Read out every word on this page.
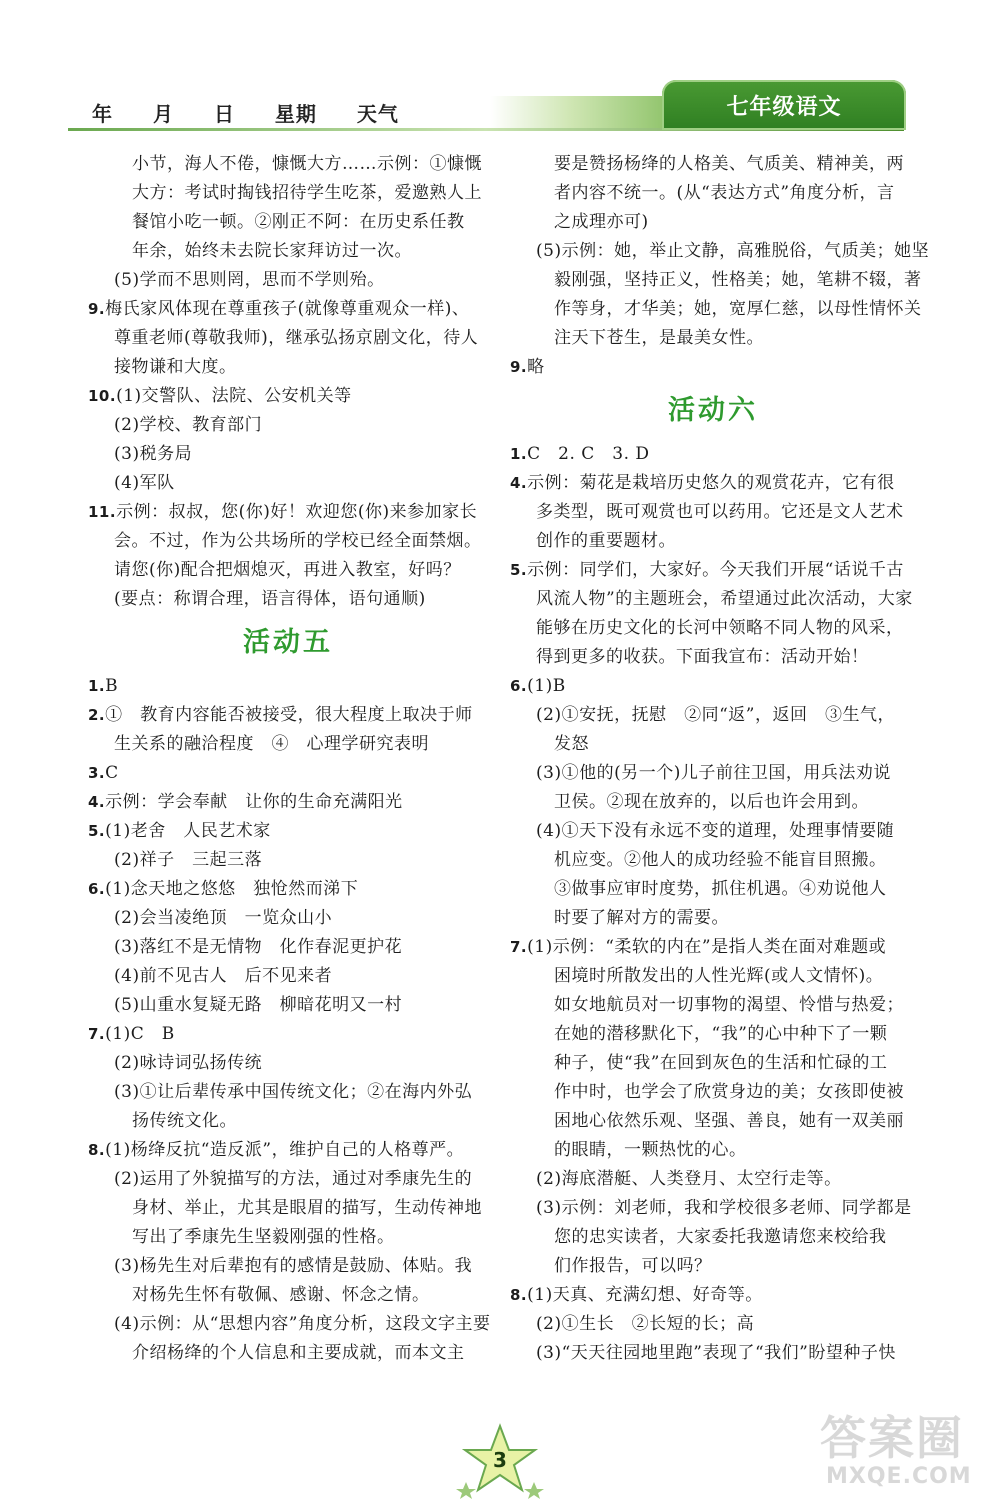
年 月 日 星期 天气	七年级语文
小节，海人不倦，慷慨大方……示例：①慷慨
大方：考试时掏钱招待学生吃茶，爱邀熟人上
餐馆小吃一顿。②刚正不阿：在历史系任教
年余，始终未去院长家拜访过一次。
(5)学而不思则罔，思而不学则殆。
9.梅氏家风体现在尊重孩子(就像尊重观众一样)、
尊重老师(尊敬我师)，继承弘扬京剧文化，待人
接物谦和大度。
10.(1)交警队、法院、公安机关等
(2)学校、教育部门
(3)税务局
(4)军队
11.示例：叔叔，您(你)好！欢迎您(你)来参加家长
会。不过，作为公共场所的学校已经全面禁烟。
请您(你)配合把烟熄灭，再进入教室，好吗？
(要点：称谓合理，语言得体，语句通顺)
活动五
1.B
2.①　教育内容能否被接受，很大程度上取决于师
生关系的融洽程度　④　心理学研究表明
3.C
4.示例：学会奉献　让你的生命充满阳光
5.(1)老舍　人民艺术家
(2)祥子　三起三落
6.(1)念天地之悠悠　独怆然而涕下
(2)会当凌绝顶　一览众山小
(3)落红不是无情物　化作春泥更护花
(4)前不见古人　后不见来者
(5)山重水复疑无路　柳暗花明又一村
7.(1)C　B
(2)咏诗词弘扬传统
(3)①让后辈传承中国传统文化；②在海内外弘
扬传统文化。
8.(1)杨绛反抗“造反派”，维护自己的人格尊严。
(2)运用了外貌描写的方法，通过对季康先生的
身材、举止，尤其是眼眉的描写，生动传神地
写出了季康先生坚毅刚强的性格。
(3)杨先生对后辈抱有的感情是鼓励、体贴。我
对杨先生怀有敬佩、感谢、怀念之情。
(4)示例：从“思想内容”角度分析，这段文字主要
介绍杨绛的个人信息和主要成就，而本文主
要是赞扬杨绛的人格美、气质美、精神美，两
者内容不统一。(从“表达方式”角度分析，言
之成理亦可)
(5)示例：她，举止文静，高雅脱俗，气质美；她坚
毅刚强，坚持正义，性格美；她，笔耕不辍，著
作等身，才华美；她，宽厚仁慈，以母性情怀关
注天下苍生，是最美女性。
9.略
活动六
1.C　2. C　3. D
4.示例：菊花是栽培历史悠久的观赏花卉，它有很
多类型，既可观赏也可以药用。它还是文人艺术
创作的重要题材。
5.示例：同学们，大家好。今天我们开展“话说千古
风流人物”的主题班会，希望通过此次活动，大家
能够在历史文化的长河中领略不同人物的风采，
得到更多的收获。下面我宣布：活动开始！
6.(1)B
(2)①安抚，抚慰　②同“返”，返回　③生气，
发怒
(3)①他的(另一个)儿子前往卫国，用兵法劝说
卫侯。②现在放弃的，以后也许会用到。
(4)①天下没有永远不变的道理，处理事情要随
机应变。②他人的成功经验不能盲目照搬。
③做事应审时度势，抓住机遇。④劝说他人
时要了解对方的需要。
7.(1)示例：“柔软的内在”是指人类在面对难题或
困境时所散发出的人性光辉(或人文情怀)。
如女地航员对一切事物的渴望、怜惜与热爱；
在她的潜移默化下，“我”的心中种下了一颗
种子，使“我”在回到灰色的生活和忙碌的工
作中时，也学会了欣赏身边的美；女孩即使被
困地心依然乐观、坚强、善良，她有一双美丽
的眼睛，一颗热忱的心。
(2)海底潜艇、人类登月、太空行走等。
(3)示例：刘老师，我和学校很多老师、同学都是
您的忠实读者，大家委托我邀请您来校给我
们作报告，可以吗？
8.(1)天真、充满幻想、好奇等。
(2)①生长　②长短的长；高
(3)“天天往园地里跑”表现了“我们”盼望种子快
3	答案圈
MXQE.COM
